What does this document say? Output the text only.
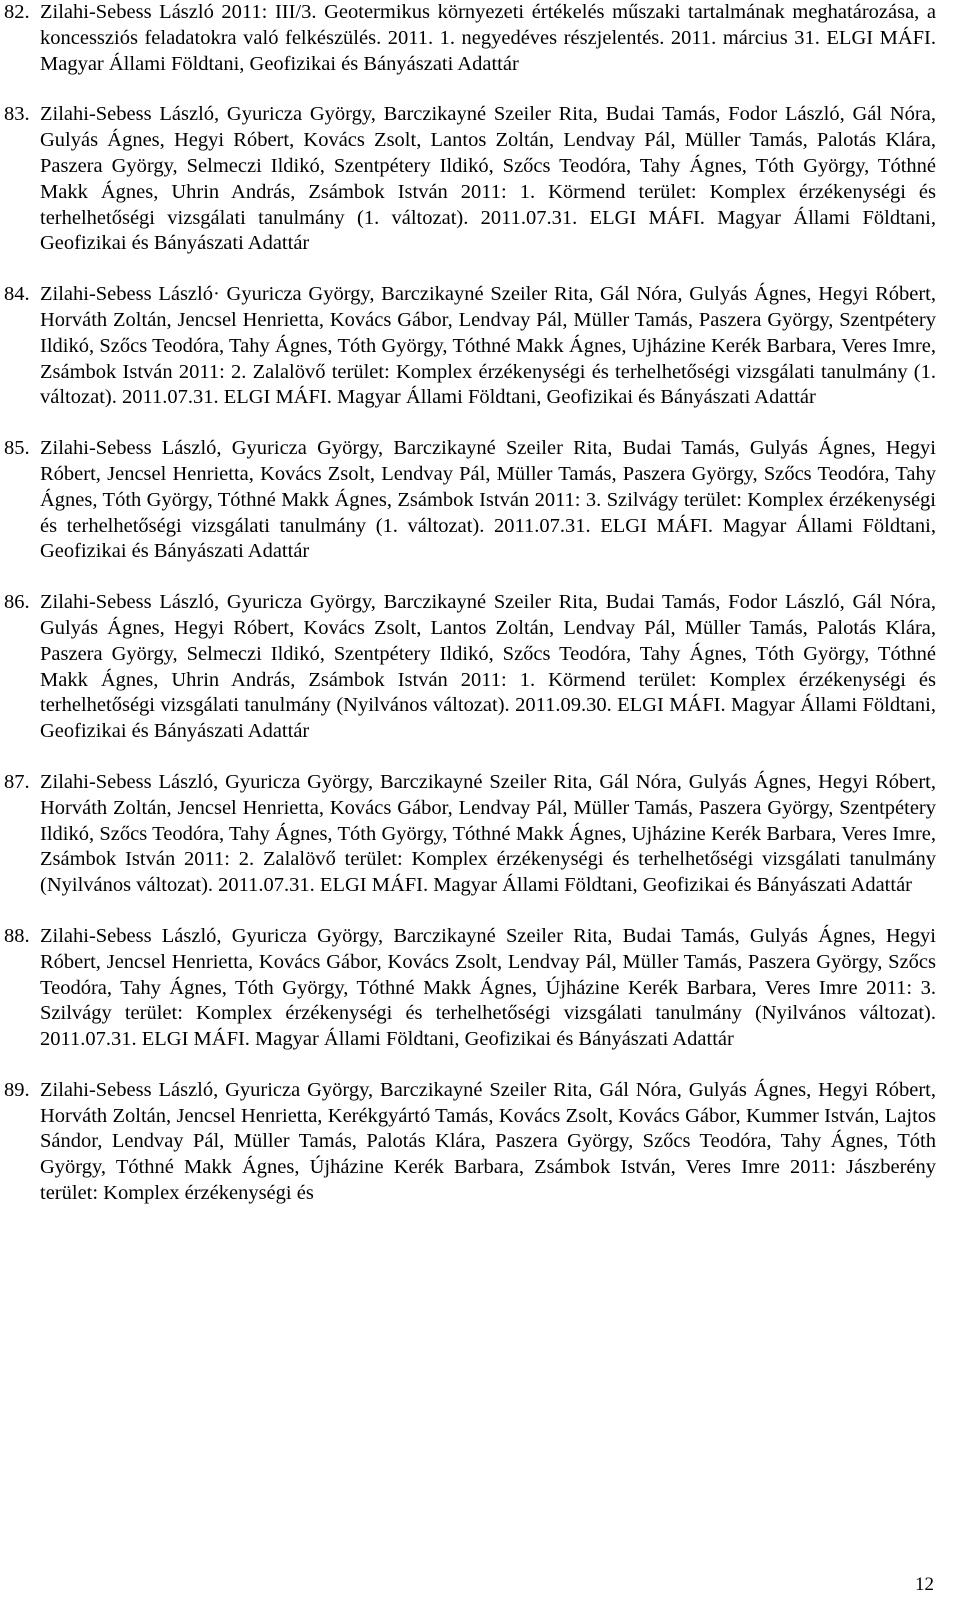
82. Zilahi-Sebess László 2011: III/3. Geotermikus környezeti értékelés műszaki tartalmának meghatározása, a koncessziós feladatokra való felkészülés. 2011. 1. negyedéves részjelentés. 2011. március 31. ELGI MÁFI. Magyar Állami Földtani, Geofizikai és Bányászati Adattár
83. Zilahi-Sebess László, Gyuricza György, Barczikayné Szeiler Rita, Budai Tamás, Fodor László, Gál Nóra, Gulyás Ágnes, Hegyi Róbert, Kovács Zsolt, Lantos Zoltán, Lendvay Pál, Müller Tamás, Palotás Klára, Paszera György, Selmeczi Ildikó, Szentpétery Ildikó, Szőcs Teodóra, Tahy Ágnes, Tóth György, Tóthné Makk Ágnes, Uhrin András, Zsámbok István 2011: 1. Körmend terület: Komplex érzékenységi és terhelhetőségi vizsgálati tanulmány (1. változat). 2011.07.31. ELGI MÁFI. Magyar Állami Földtani, Geofizikai és Bányászati Adattár
84. Zilahi-Sebess László· Gyuricza György, Barczikayné Szeiler Rita, Gál Nóra, Gulyás Ágnes, Hegyi Róbert, Horváth Zoltán, Jencsel Henrietta, Kovács Gábor, Lendvay Pál, Müller Tamás, Paszera György, Szentpétery Ildikó, Szőcs Teodóra, Tahy Ágnes, Tóth György, Tóthné Makk Ágnes, Ujházine Kerék Barbara, Veres Imre, Zsámbok István 2011: 2. Zalalövő terület: Komplex érzékenységi és terhelhetőségi vizsgálati tanulmány (1. változat). 2011.07.31. ELGI MÁFI. Magyar Állami Földtani, Geofizikai és Bányászati Adattár
85. Zilahi-Sebess László, Gyuricza György, Barczikayné Szeiler Rita, Budai Tamás, Gulyás Ágnes, Hegyi Róbert, Jencsel Henrietta, Kovács Zsolt, Lendvay Pál, Müller Tamás, Paszera György, Szőcs Teodóra, Tahy Ágnes, Tóth György, Tóthné Makk Ágnes, Zsámbok István 2011: 3. Szilvágy terület: Komplex érzékenységi és terhelhetőségi vizsgálati tanulmány (1. változat). 2011.07.31. ELGI MÁFI. Magyar Állami Földtani, Geofizikai és Bányászati Adattár
86. Zilahi-Sebess László, Gyuricza György, Barczikayné Szeiler Rita, Budai Tamás, Fodor László, Gál Nóra, Gulyás Ágnes, Hegyi Róbert, Kovács Zsolt, Lantos Zoltán, Lendvay Pál, Müller Tamás, Palotás Klára, Paszera György, Selmeczi Ildikó, Szentpétery Ildikó, Szőcs Teodóra, Tahy Ágnes, Tóth György, Tóthné Makk Ágnes, Uhrin András, Zsámbok István 2011: 1. Körmend terület: Komplex érzékenységi és terhelhetőségi vizsgálati tanulmány (Nyilvános változat). 2011.09.30. ELGI MÁFI. Magyar Állami Földtani, Geofizikai és Bányászati Adattár
87. Zilahi-Sebess László, Gyuricza György, Barczikayné Szeiler Rita, Gál Nóra, Gulyás Ágnes, Hegyi Róbert, Horváth Zoltán, Jencsel Henrietta, Kovács Gábor, Lendvay Pál, Müller Tamás, Paszera György, Szentpétery Ildikó, Szőcs Teodóra, Tahy Ágnes, Tóth György, Tóthné Makk Ágnes, Ujházine Kerék Barbara, Veres Imre, Zsámbok István 2011: 2. Zalalövő terület: Komplex érzékenységi és terhelhetőségi vizsgálati tanulmány (Nyilvános változat). 2011.07.31. ELGI MÁFI. Magyar Állami Földtani, Geofizikai és Bányászati Adattár
88. Zilahi-Sebess László, Gyuricza György, Barczikayné Szeiler Rita, Budai Tamás, Gulyás Ágnes, Hegyi Róbert, Jencsel Henrietta, Kovács Gábor, Kovács Zsolt, Lendvay Pál, Müller Tamás, Paszera György, Szőcs Teodóra, Tahy Ágnes, Tóth György, Tóthné Makk Ágnes, Újházine Kerék Barbara, Veres Imre 2011: 3. Szilvágy terület: Komplex érzékenységi és terhelhetőségi vizsgálati tanulmány (Nyilvános változat). 2011.07.31. ELGI MÁFI. Magyar Állami Földtani, Geofizikai és Bányászati Adattár
89. Zilahi-Sebess László, Gyuricza György, Barczikayné Szeiler Rita, Gál Nóra, Gulyás Ágnes, Hegyi Róbert, Horváth Zoltán, Jencsel Henrietta, Kerékgyártó Tamás, Kovács Zsolt, Kovács Gábor, Kummer István, Lajtos Sándor, Lendvay Pál, Müller Tamás, Palotás Klára, Paszera György, Szőcs Teodóra, Tahy Ágnes, Tóth György, Tóthné Makk Ágnes, Újházine Kerék Barbara, Zsámbok István, Veres Imre 2011: Jászberény terület: Komplex érzékenységi és
12
